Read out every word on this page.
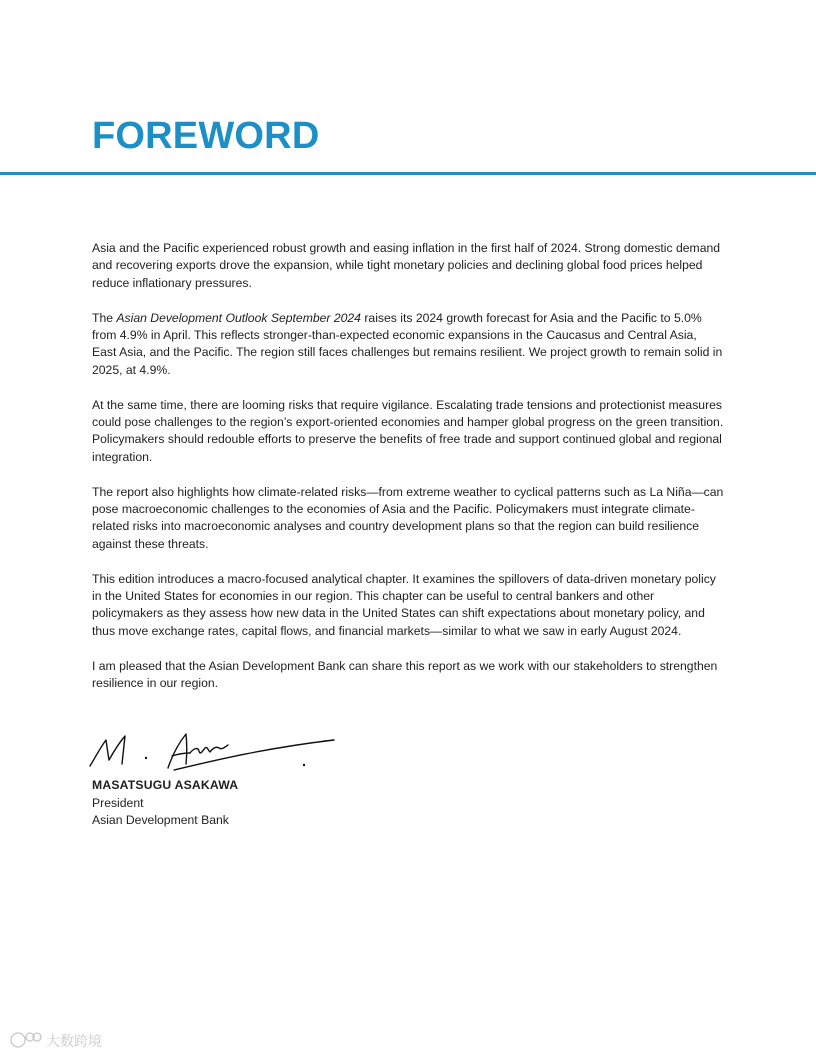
FOREWORD

Asia and the Pacific experienced robust growth and easing inflation in the first half of 2024. Strong domestic demand and recovering exports drove the expansion, while tight monetary policies and declining global food prices helped reduce inflationary pressures.

The Asian Development Outlook September 2024 raises its 2024 growth forecast for Asia and the Pacific to 5.0% from 4.9% in April. This reflects stronger-than-expected economic expansions in the Caucasus and Central Asia, East Asia, and the Pacific. The region still faces challenges but remains resilient. We project growth to remain solid in 2025, at 4.9%.

At the same time, there are looming risks that require vigilance. Escalating trade tensions and protectionist measures could pose challenges to the region’s export-oriented economies and hamper global progress on the green transition. Policymakers should redouble efforts to preserve the benefits of free trade and support continued global and regional integration.

The report also highlights how climate-related risks—from extreme weather to cyclical patterns such as La Niña—can pose macroeconomic challenges to the economies of Asia and the Pacific. Policymakers must integrate climate-related risks into macroeconomic analyses and country development plans so that the region can build resilience against these threats.

This edition introduces a macro-focused analytical chapter. It examines the spillovers of data-driven monetary policy in the United States for economies in our region. This chapter can be useful to central bankers and other policymakers as they assess how new data in the United States can shift expectations about monetary policy, and thus move exchange rates, capital flows, and financial markets—similar to what we saw in early August 2024.

I am pleased that the Asian Development Bank can share this report as we work with our stakeholders to strengthen resilience in our region.

MASATSUGU ASAKAWA
President
Asian Development Bank
大数跨境
